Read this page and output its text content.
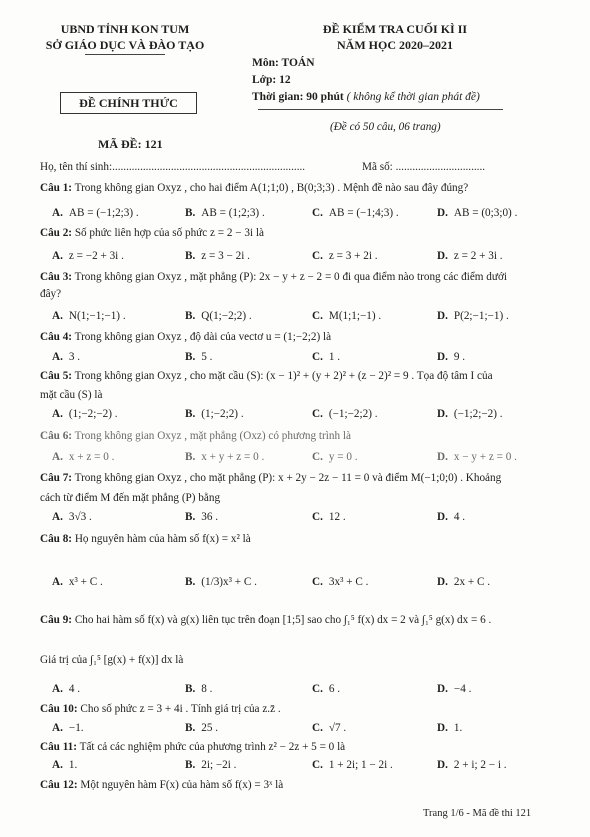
UBND TỈNH KON TUM
SỞ GIÁO DỤC VÀ ĐÀO TẠO
ĐỀ KIỂM TRA CUỐI KÌ II
NĂM HỌC 2020–2021
Môn: TOÁN
Lớp: 12
Thời gian: 90 phút ( không kể thời gian phát đề)
ĐỀ CHÍNH THỨC
(Đề có 50 câu, 06 trang)
MÃ ĐỀ: 121
Họ, tên thí sinh:.....................................................................	Mã số: ................................
Câu 1: Trong không gian Oxyz , cho hai điểm A(1;1;0) , B(0;3;3) . Mệnh đề nào sau đây đúng?
A. AB = (−1;2;3) .	B. AB = (1;2;3) .	C. AB = (−1;4;3) .	D. AB = (0;3;0) .
Câu 2: Số phức liên hợp của số phức z = 2 − 3i là
A. z = −2 + 3i .	B. z = 3 − 2i .	C. z = 3 + 2i .	D. z = 2 + 3i .
Câu 3: Trong không gian Oxyz , mặt phẳng (P): 2x − y + z − 2 = 0 đi qua điểm nào trong các điểm dưới
đây?
A. N(1;−1;−1) .	B. Q(1;−2;2) .	C. M(1;1;−1) .	D. P(2;−1;−1) .
Câu 4: Trong không gian Oxyz , độ dài của vectơ u = (1;−2;2) là
A. 3 .	B. 5 .	C. 1 .	D. 9 .
Câu 5: Trong không gian Oxyz , cho mặt cầu (S): (x − 1)² + (y + 2)² + (z − 2)² = 9 . Tọa độ tâm I của
mặt cầu (S) là
A. (1;−2;−2) .	B. (1;−2;2) .	C. (−1;−2;2) .	D. (−1;2;−2) .
Câu 6: Trong không gian Oxyz , mặt phẳng (Oxz) có phương trình là
A. x + z = 0 .	B. x + y + z = 0 .	C. y = 0 .	D. x − y + z = 0 .
Câu 7: Trong không gian Oxyz , cho mặt phẳng (P): x + 2y − 2z − 11 = 0 và điểm M(−1;0;0) . Khoảng
cách từ điểm M đến mặt phẳng (P) bằng
A. 3√3 .	B. 36 .	C. 12 .	D. 4 .
Câu 8: Họ nguyên hàm của hàm số f(x) = x² là
A. x³ + C .	B. (1/3)x³ + C .	C. 3x³ + C .	D. 2x + C .
Câu 9: Cho hai hàm số f(x) và g(x) liên tục trên đoạn [1;5] sao cho ∫₁⁵ f(x) dx = 2 và ∫₁⁵ g(x) dx = 6 .
Giá trị của ∫₁⁵ [g(x) + f(x)] dx là
A. 4 .	B. 8 .	C. 6 .	D. −4 .
Câu 10: Cho số phức z = 3 + 4i . Tính giá trị của z.z̄ .
A. −1.	B. 25 .	C. √7 .	D. 1.
Câu 11: Tất cả các nghiệm phức của phương trình z² − 2z + 5 = 0 là
A. 1.	B. 2i; −2i .	C. 1 + 2i; 1 − 2i .	D. 2 + i; 2 − i .
Câu 12: Một nguyên hàm F(x) của hàm số f(x) = 3ˣ là
Trang 1/6 - Mã đề thi 121
